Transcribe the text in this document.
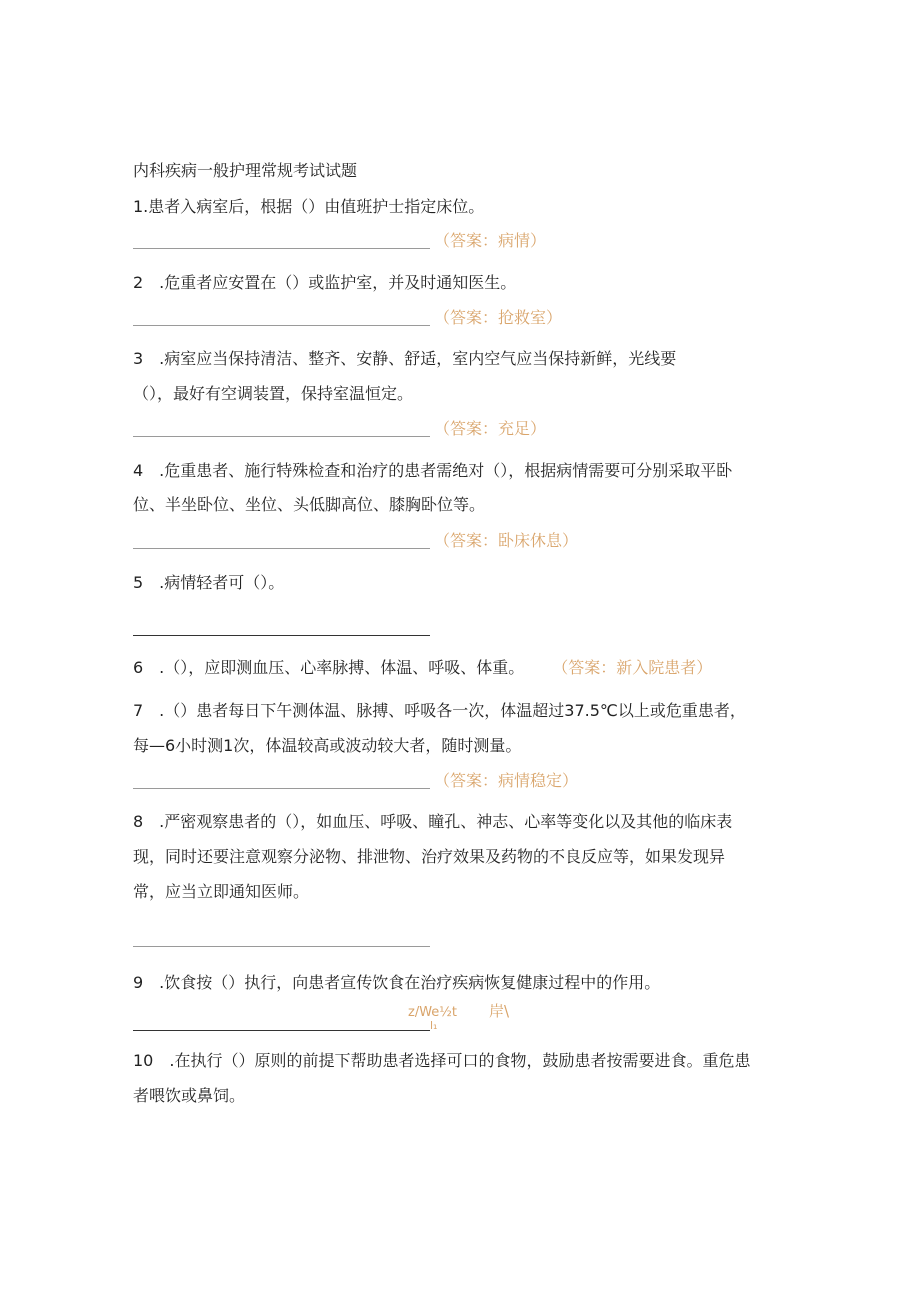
内科疾病一般护理常规考试试题
1.患者入病室后，根据（）由值班护士指定床位。
（答案：病情）
2　.危重者应安置在（）或监护室，并及时通知医生。
（答案：抢救室）
3　.病室应当保持清洁、整齐、安静、舒适，室内空气应当保持新鲜，光线要
（），最好有空调装置，保持室温恒定。
（答案：充足）
4　.危重患者、施行特殊检查和治疗的患者需绝对（），根据病情需要可分别采取平卧
位、半坐卧位、坐位、头低脚高位、膝胸卧位等。
（答案：卧床休息）
5　.病情轻者可（）。
6　.（），应即测血压、心率脉搏、体温、呼吸、体重。 （答案：新入院患者）
7　.（）患者每日下午测体温、脉搏、呼吸各一次，体温超过37.5℃以上或危重患者，
每—6小时测1次，体温较高或波动较大者，随时测量。
（答案：病情稳定）
8　.严密观察患者的（），如血压、呼吸、瞳孔、神志、心率等变化以及其他的临床表
现，同时还要注意观察分泌物、排泄物、治疗效果及药物的不良反应等，如果发现异
常，应当立即通知医师。
9　.饮食按（）执行，向患者宣传饮食在治疗疾病恢复健康过程中的作用。
z/We½t 岸\
l₁
10　.在执行（）原则的前提下帮助患者选择可口的食物，鼓励患者按需要进食。重危患
者喂饮或鼻饲。
